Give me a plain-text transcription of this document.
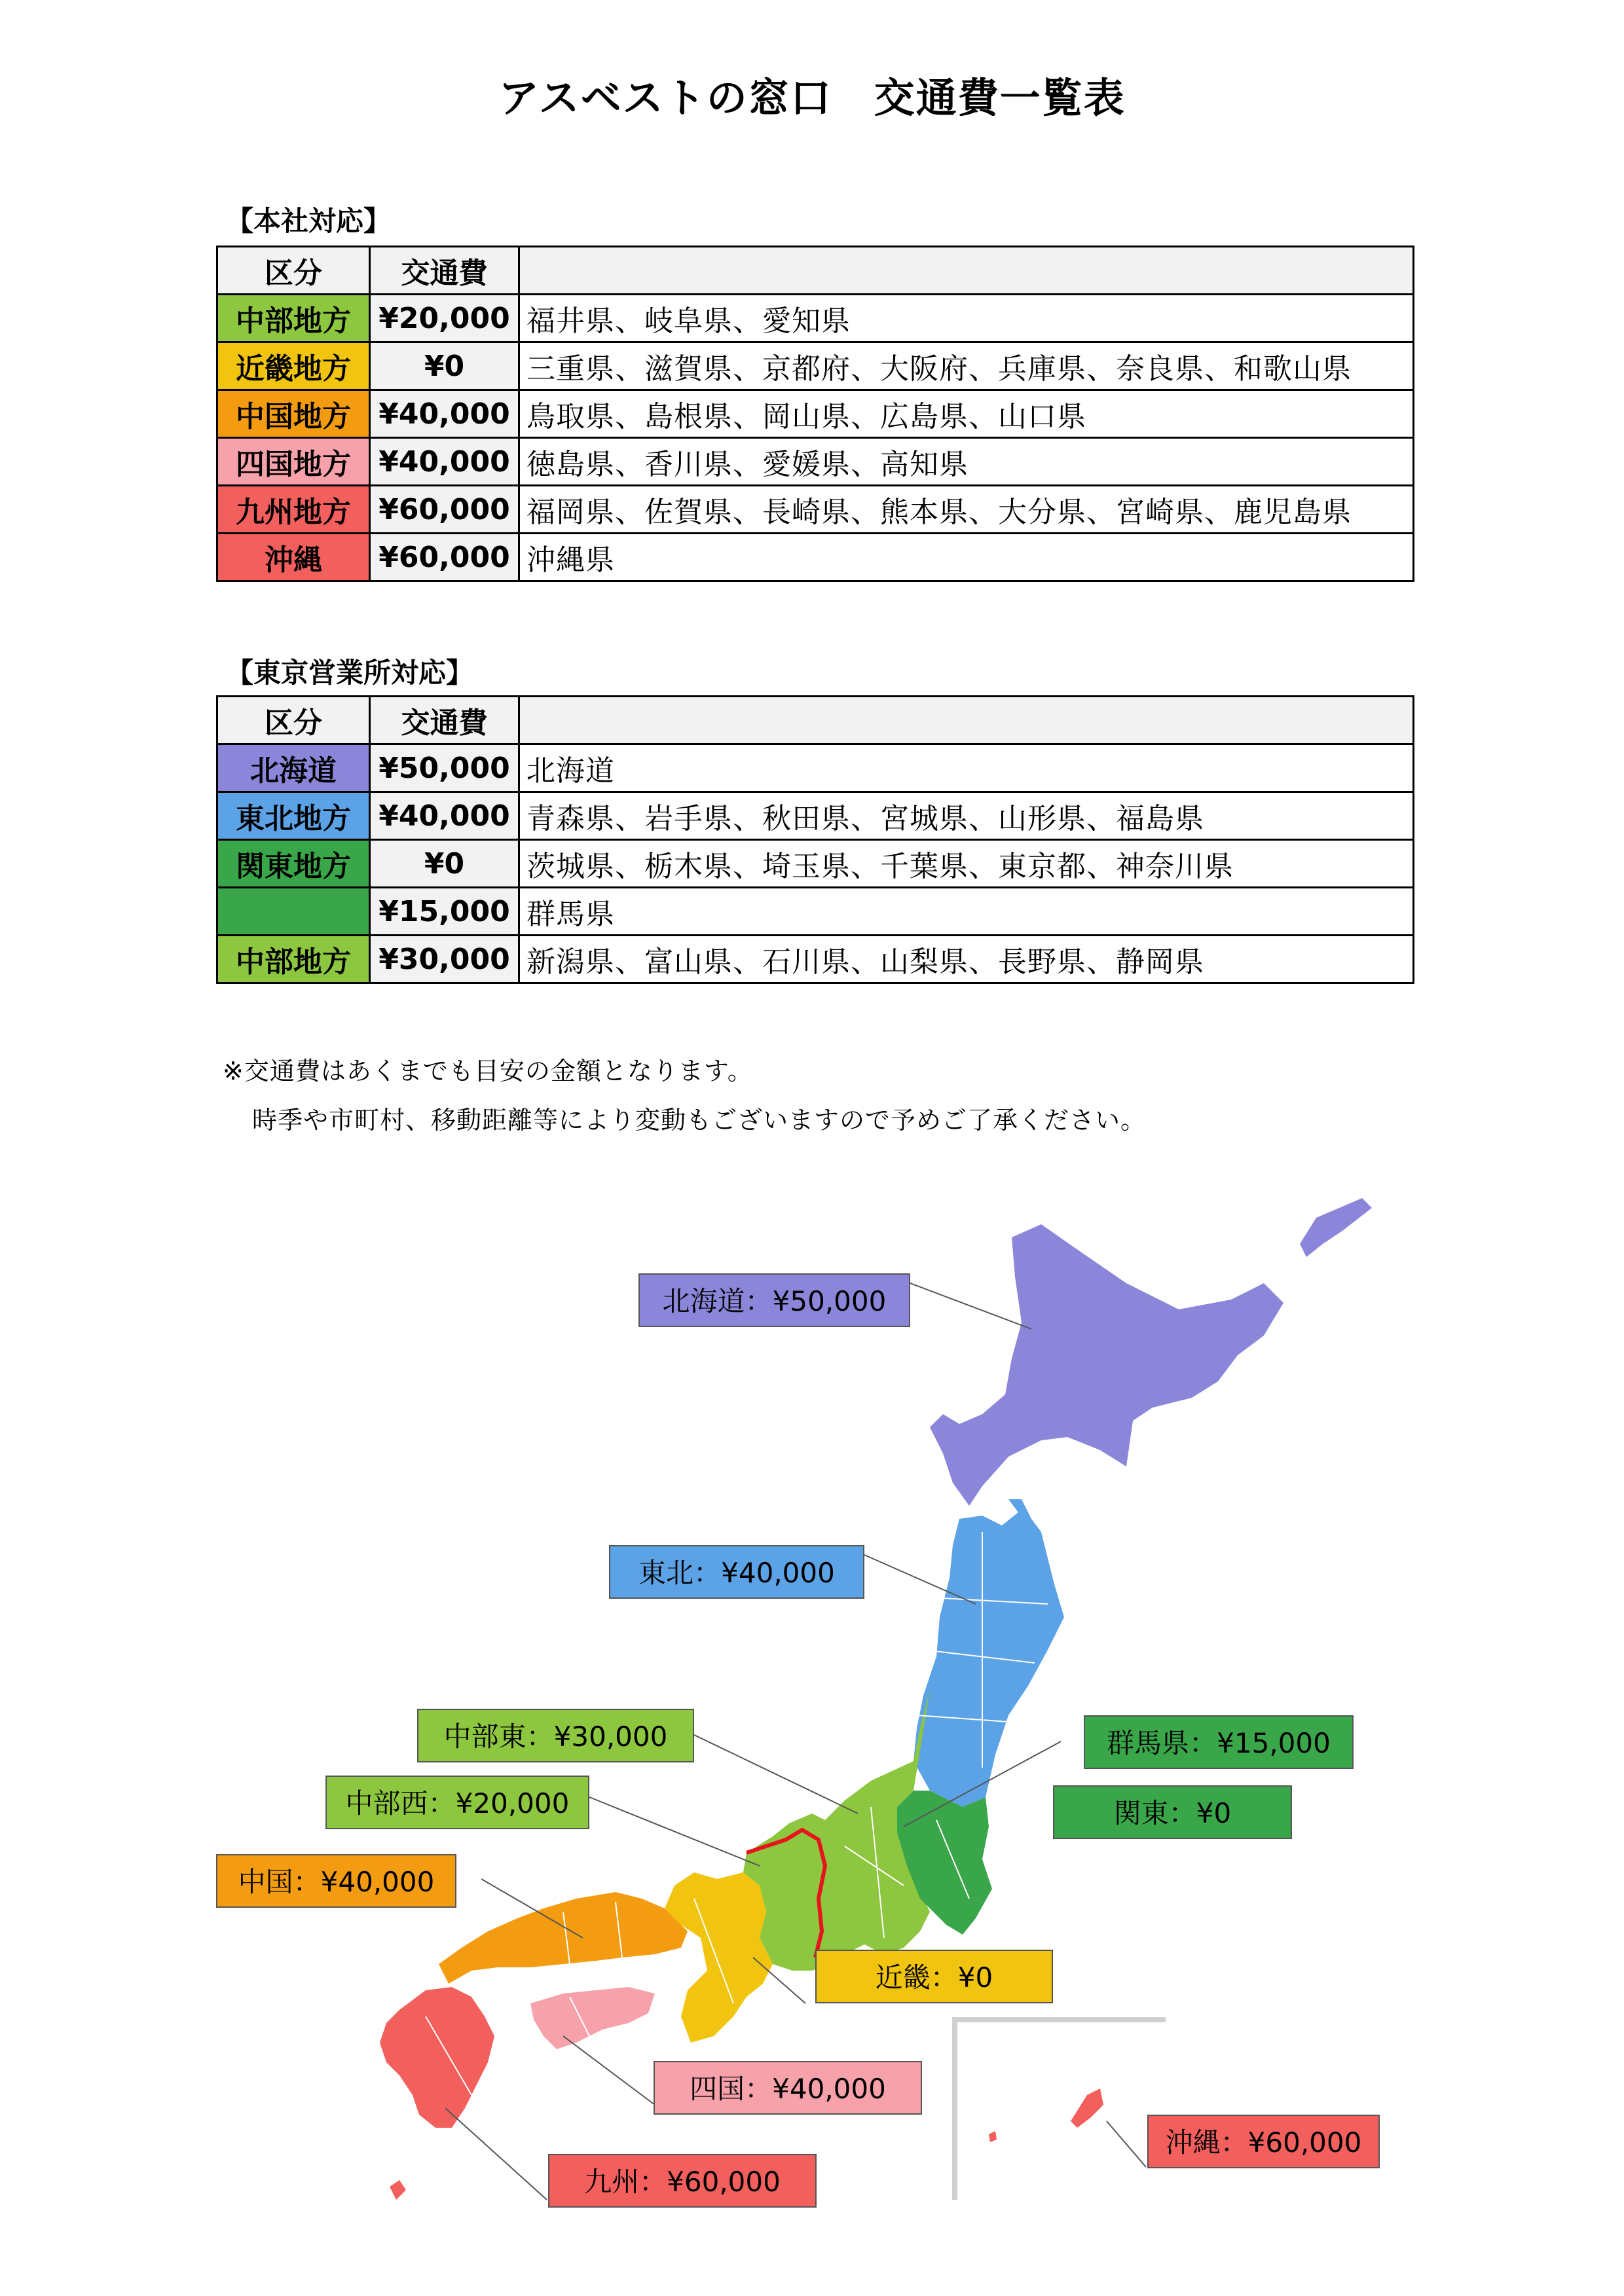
アスベストの窓口　交通費一覧表
【本社対応】
区分	交通費	
中部地方	¥20,000	福井県、岐阜県、愛知県
近畿地方	¥0	三重県、滋賀県、京都府、大阪府、兵庫県、奈良県、和歌山県
中国地方	¥40,000	鳥取県、島根県、岡山県、広島県、山口県
四国地方	¥40,000	徳島県、香川県、愛媛県、高知県
九州地方	¥60,000	福岡県、佐賀県、長崎県、熊本県、大分県、宮崎県、鹿児島県
沖縄	¥60,000	沖縄県
【東京営業所対応】
区分	交通費	
北海道	¥50,000	北海道
東北地方	¥40,000	青森県、岩手県、秋田県、宮城県、山形県、福島県
関東地方	¥0	茨城県、栃木県、埼玉県、千葉県、東京都、神奈川県
	¥15,000	群馬県
中部地方	¥30,000	新潟県、富山県、石川県、山梨県、長野県、静岡県
※交通費はあくまでも目安の金額となります。
時季や市町村、移動距離等により変動もございますので予めご了承ください。
北海道：¥50,000
東北：¥40,000
中部東：¥30,000
中部西：¥20,000
中国：¥40,000
群馬県：¥15,000
関東：¥0
近畿：¥0
四国：¥40,000
九州：¥60,000
沖縄：¥60,000
